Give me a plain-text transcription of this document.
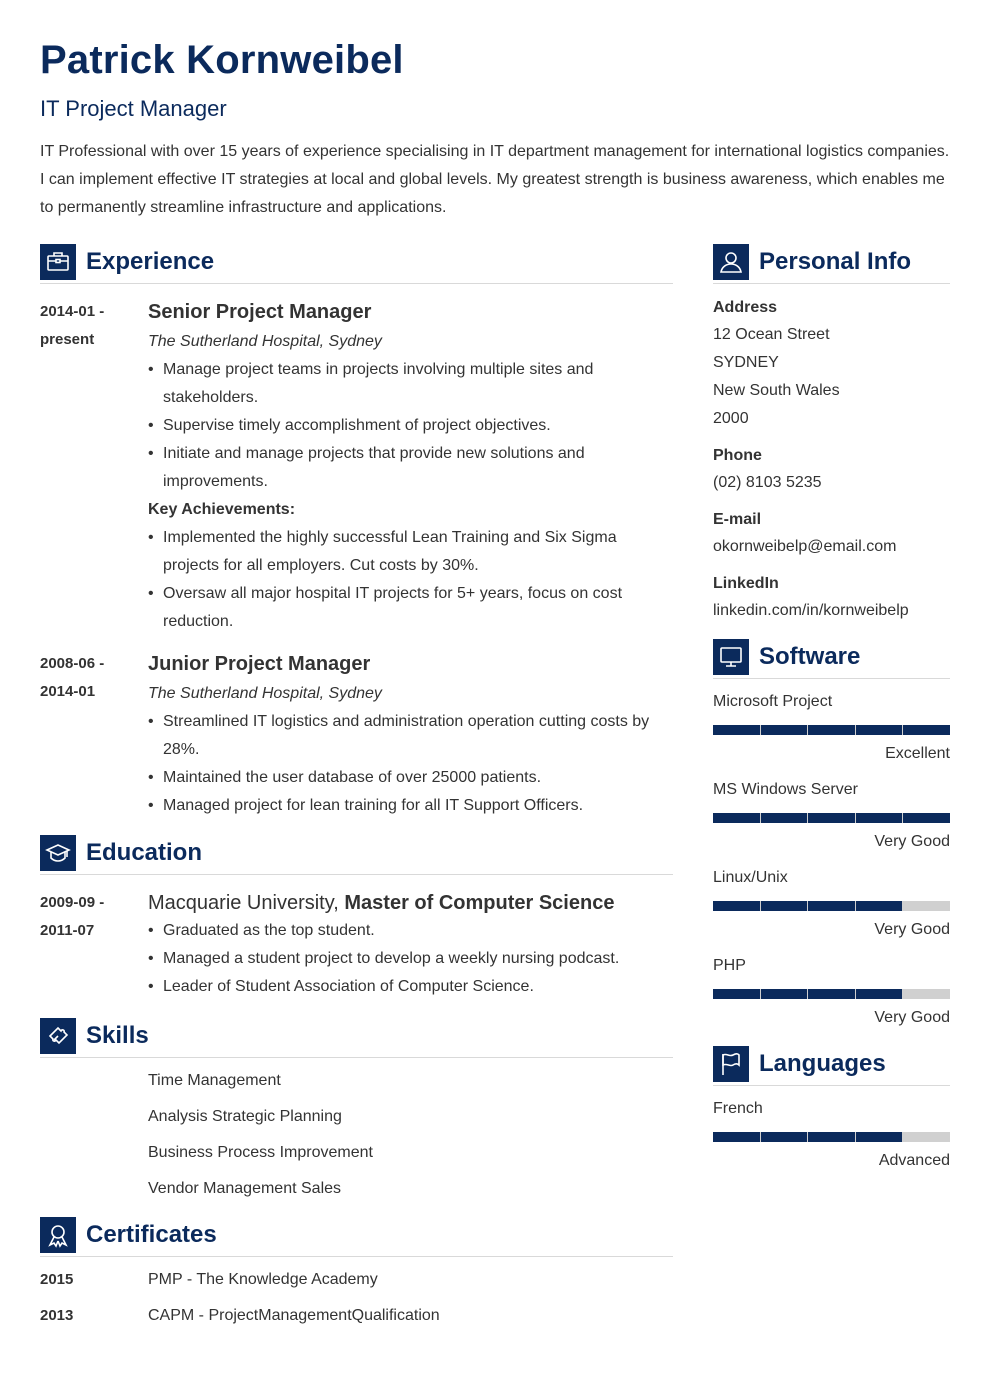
Patrick Kornweibel
IT Project Manager
IT Professional with over 15 years of experience specialising in IT department management for international logistics companies. I can implement effective IT strategies at local and global levels. My greatest strength is business awareness, which enables me to permanently streamline infrastructure and applications.
Experience
2014-01 -
present
Senior Project Manager
The Sutherland Hospital, Sydney
• Manage project teams in projects involving multiple sites and stakeholders.
• Supervise timely accomplishment of project objectives.
• Initiate and manage projects that provide new solutions and improvements.
Key Achievements:
• Implemented the highly successful Lean Training and Six Sigma projects for all employers. Cut costs by 30%.
• Oversaw all major hospital IT projects for 5+ years, focus on cost reduction.
2008-06 -
2014-01
Junior Project Manager
The Sutherland Hospital, Sydney
• Streamlined IT logistics and administration operation cutting costs by 28%.
• Maintained the user database of over 25000 patients.
• Managed project for lean training for all IT Support Officers.
Education
2009-09 -
2011-07
Macquarie University, Master of Computer Science
• Graduated as the top student.
• Managed a student project to develop a weekly nursing podcast.
• Leader of Student Association of Computer Science.
Skills
Time Management
Analysis Strategic Planning
Business Process Improvement
Vendor Management Sales
Certificates
2015	PMP - The Knowledge Academy
2013	CAPM - ProjectManagementQualification
Personal Info
Address
12 Ocean Street
SYDNEY
New South Wales
2000
Phone
(02) 8103 5235
E-mail
okornweibelp@email.com
LinkedIn
linkedin.com/in/kornweibelp
Software
Microsoft Project
Excellent
MS Windows Server
Very Good
Linux/Unix
Very Good
PHP
Very Good
Languages
French
Advanced
